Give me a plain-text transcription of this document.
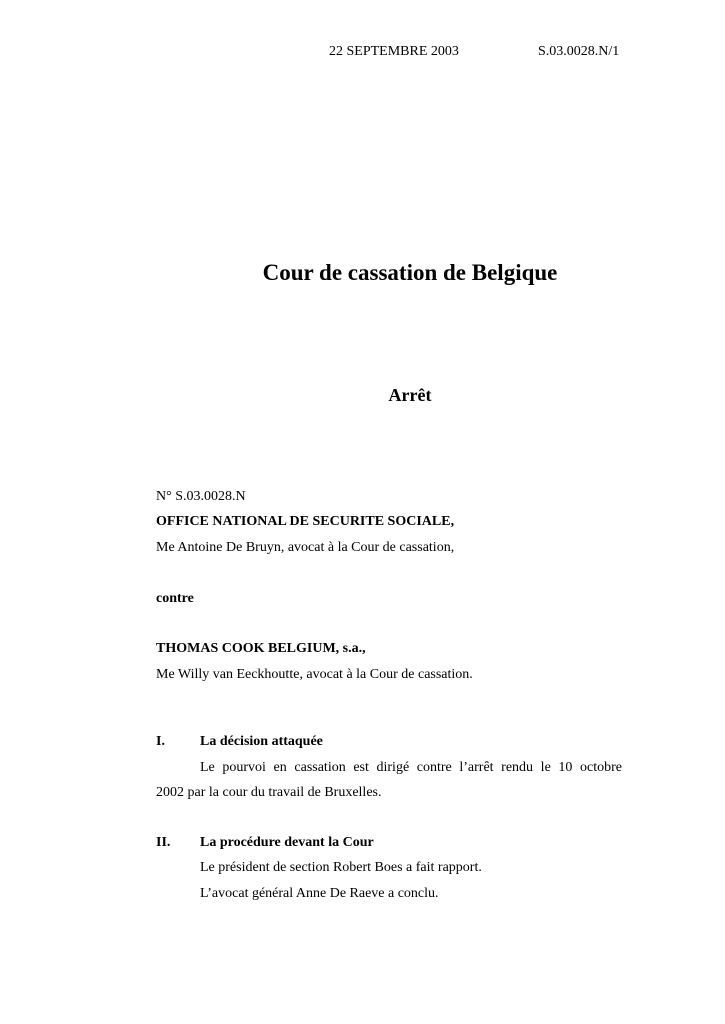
22 SEPTEMBRE 2003	S.03.0028.N/1
Cour de cassation de Belgique
Arrêt
N° S.03.0028.N
OFFICE NATIONAL DE SECURITE SOCIALE,
Me Antoine De Bruyn, avocat à la Cour de cassation,
contre
THOMAS COOK BELGIUM, s.a.,
Me Willy van Eeckhoutte, avocat à la Cour de cassation.
I.	La décision attaquée
Le pourvoi en cassation est dirigé contre l’arrêt rendu le 10 octobre
2002 par la cour du travail de Bruxelles.
II. La procédure devant la Cour
Le président de section Robert Boes a fait rapport.
L’avocat général Anne De Raeve a conclu.
